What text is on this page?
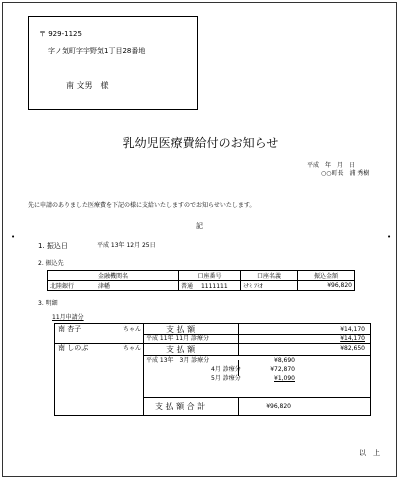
〒 929-1125
字ノ気町字宇野気1丁目28番地
南 文男　様
乳幼児医療費給付のお知らせ
平成　年　月　日
○○町長　浦 秀樹
先に申請のありました医療費を下記の様に支給いたしますのでお知らせいたします。
記
•	•
1. 振込日	平成 13年 12月 25日
2. 振込先
金融機関名	口座番号	口座名義	振込金額
北陸銀行 津幡	普通 1111111	ﾐﾅﾐ ﾌﾐｵ	¥96,820
3. 明細
11月申請分
南 杏子	ちゃん	支 払 額	¥14,170
平成 11年 11月 診療分	¥14,170
南 しのぶ	ちゃん	支 払 額	¥82,650
平成 13年　3月 診療分	¥8,690
4月 診療分	¥72,870
5月 診療分	¥1,090
支 払 額 合 計	¥96,820
以　上
